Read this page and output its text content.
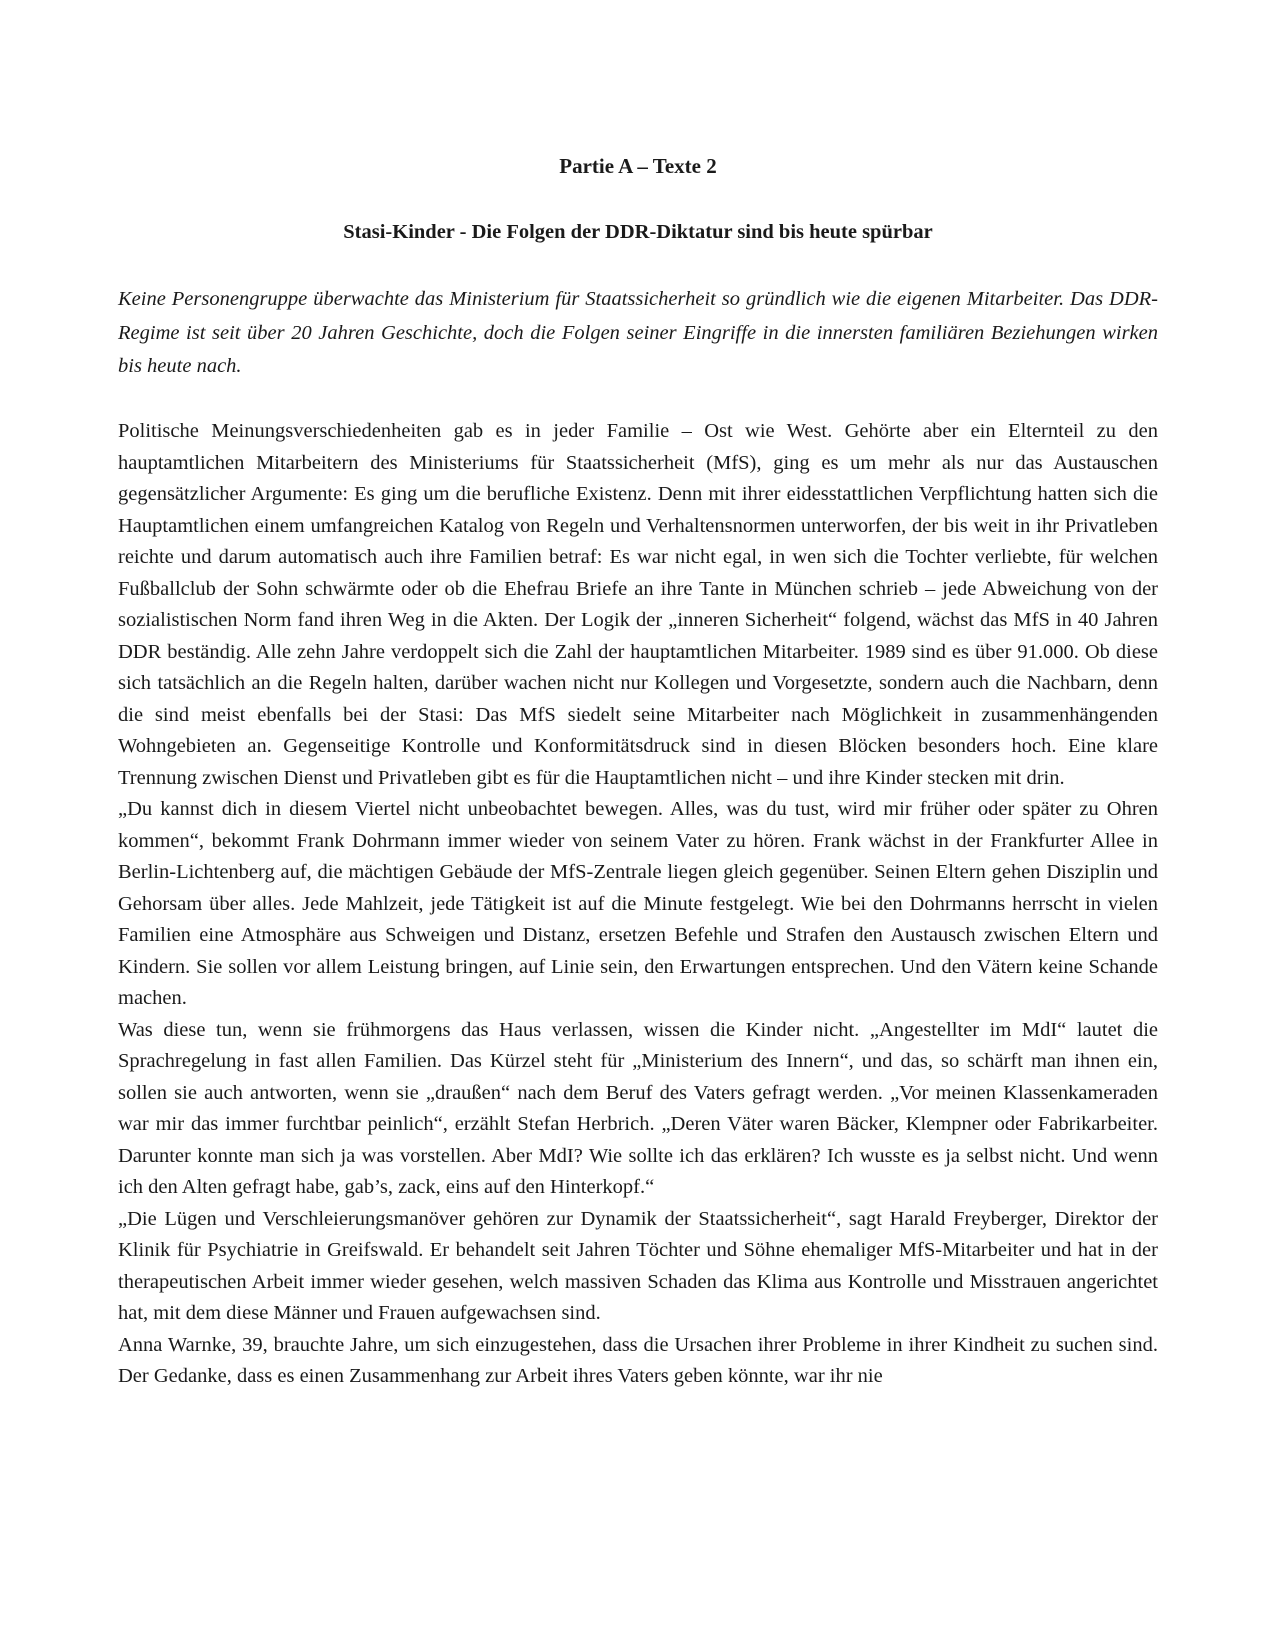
Partie A – Texte 2
Stasi-Kinder - Die Folgen der DDR-Diktatur sind bis heute spürbar

Keine Personengruppe überwachte das Ministerium für Staatssicherheit so gründlich wie die eigenen Mitarbeiter. Das DDR-Regime ist seit über 20 Jahren Geschichte, doch die Folgen seiner Eingriffe in die innersten familiären Beziehungen wirken bis heute nach.

Politische Meinungsverschiedenheiten gab es in jeder Familie – Ost wie West. Gehörte aber ein Elternteil zu den hauptamtlichen Mitarbeitern des Ministeriums für Staatssicherheit (MfS), ging es um mehr als nur das Austauschen gegensätzlicher Argumente: Es ging um die berufliche Existenz. Denn mit ihrer eidesstattlichen Verpflichtung hatten sich die Hauptamtlichen einem umfangreichen Katalog von Regeln und Verhaltensnormen unterworfen, der bis weit in ihr Privatleben reichte und darum automatisch auch ihre Familien betraf: Es war nicht egal, in wen sich die Tochter verliebte, für welchen Fußballclub der Sohn schwärmte oder ob die Ehefrau Briefe an ihre Tante in München schrieb – jede Abweichung von der sozialistischen Norm fand ihren Weg in die Akten. Der Logik der „inneren Sicherheit“ folgend, wächst das MfS in 40 Jahren DDR beständig. Alle zehn Jahre verdoppelt sich die Zahl der hauptamtlichen Mitarbeiter. 1989 sind es über 91.000. Ob diese sich tatsächlich an die Regeln halten, darüber wachen nicht nur Kollegen und Vorgesetzte, sondern auch die Nachbarn, denn die sind meist ebenfalls bei der Stasi: Das MfS siedelt seine Mitarbeiter nach Möglichkeit in zusammenhängenden Wohngebieten an. Gegenseitige Kontrolle und Konformitätsdruck sind in diesen Blöcken besonders hoch. Eine klare Trennung zwischen Dienst und Privatleben gibt es für die Hauptamtlichen nicht – und ihre Kinder stecken mit drin.

„Du kannst dich in diesem Viertel nicht unbeobachtet bewegen. Alles, was du tust, wird mir früher oder später zu Ohren kommen“, bekommt Frank Dohrmann immer wieder von seinem Vater zu hören. Frank wächst in der Frankfurter Allee in Berlin-Lichtenberg auf, die mächtigen Gebäude der MfS-Zentrale liegen gleich gegenüber. Seinen Eltern gehen Disziplin und Gehorsam über alles. Jede Mahlzeit, jede Tätigkeit ist auf die Minute festgelegt. Wie bei den Dohrmanns herrscht in vielen Familien eine Atmosphäre aus Schweigen und Distanz, ersetzen Befehle und Strafen den Austausch zwischen Eltern und Kindern. Sie sollen vor allem Leistung bringen, auf Linie sein, den Erwartungen entsprechen. Und den Vätern keine Schande machen.

Was diese tun, wenn sie frühmorgens das Haus verlassen, wissen die Kinder nicht. „Angestellter im MdI“ lautet die Sprachregelung in fast allen Familien. Das Kürzel steht für „Ministerium des Innern“, und das, so schärft man ihnen ein, sollen sie auch antworten, wenn sie „draußen“ nach dem Beruf des Vaters gefragt werden. „Vor meinen Klassenkameraden war mir das immer furchtbar peinlich“, erzählt Stefan Herbrich. „Deren Väter waren Bäcker, Klempner oder Fabrikarbeiter. Darunter konnte man sich ja was vorstellen. Aber MdI? Wie sollte ich das erklären? Ich wusste es ja selbst nicht. Und wenn ich den Alten gefragt habe, gab’s, zack, eins auf den Hinterkopf.“

„Die Lügen und Verschleierungsmanöver gehören zur Dynamik der Staatssicherheit“, sagt Harald Freyberger, Direktor der Klinik für Psychiatrie in Greifswald. Er behandelt seit Jahren Töchter und Söhne ehemaliger MfS-Mitarbeiter und hat in der therapeutischen Arbeit immer wieder gesehen, welch massiven Schaden das Klima aus Kontrolle und Misstrauen angerichtet hat, mit dem diese Männer und Frauen aufgewachsen sind.

Anna Warnke, 39, brauchte Jahre, um sich einzugestehen, dass die Ursachen ihrer Probleme in ihrer Kindheit zu suchen sind. Der Gedanke, dass es einen Zusammenhang zur Arbeit ihres Vaters geben könnte, war ihr nie
